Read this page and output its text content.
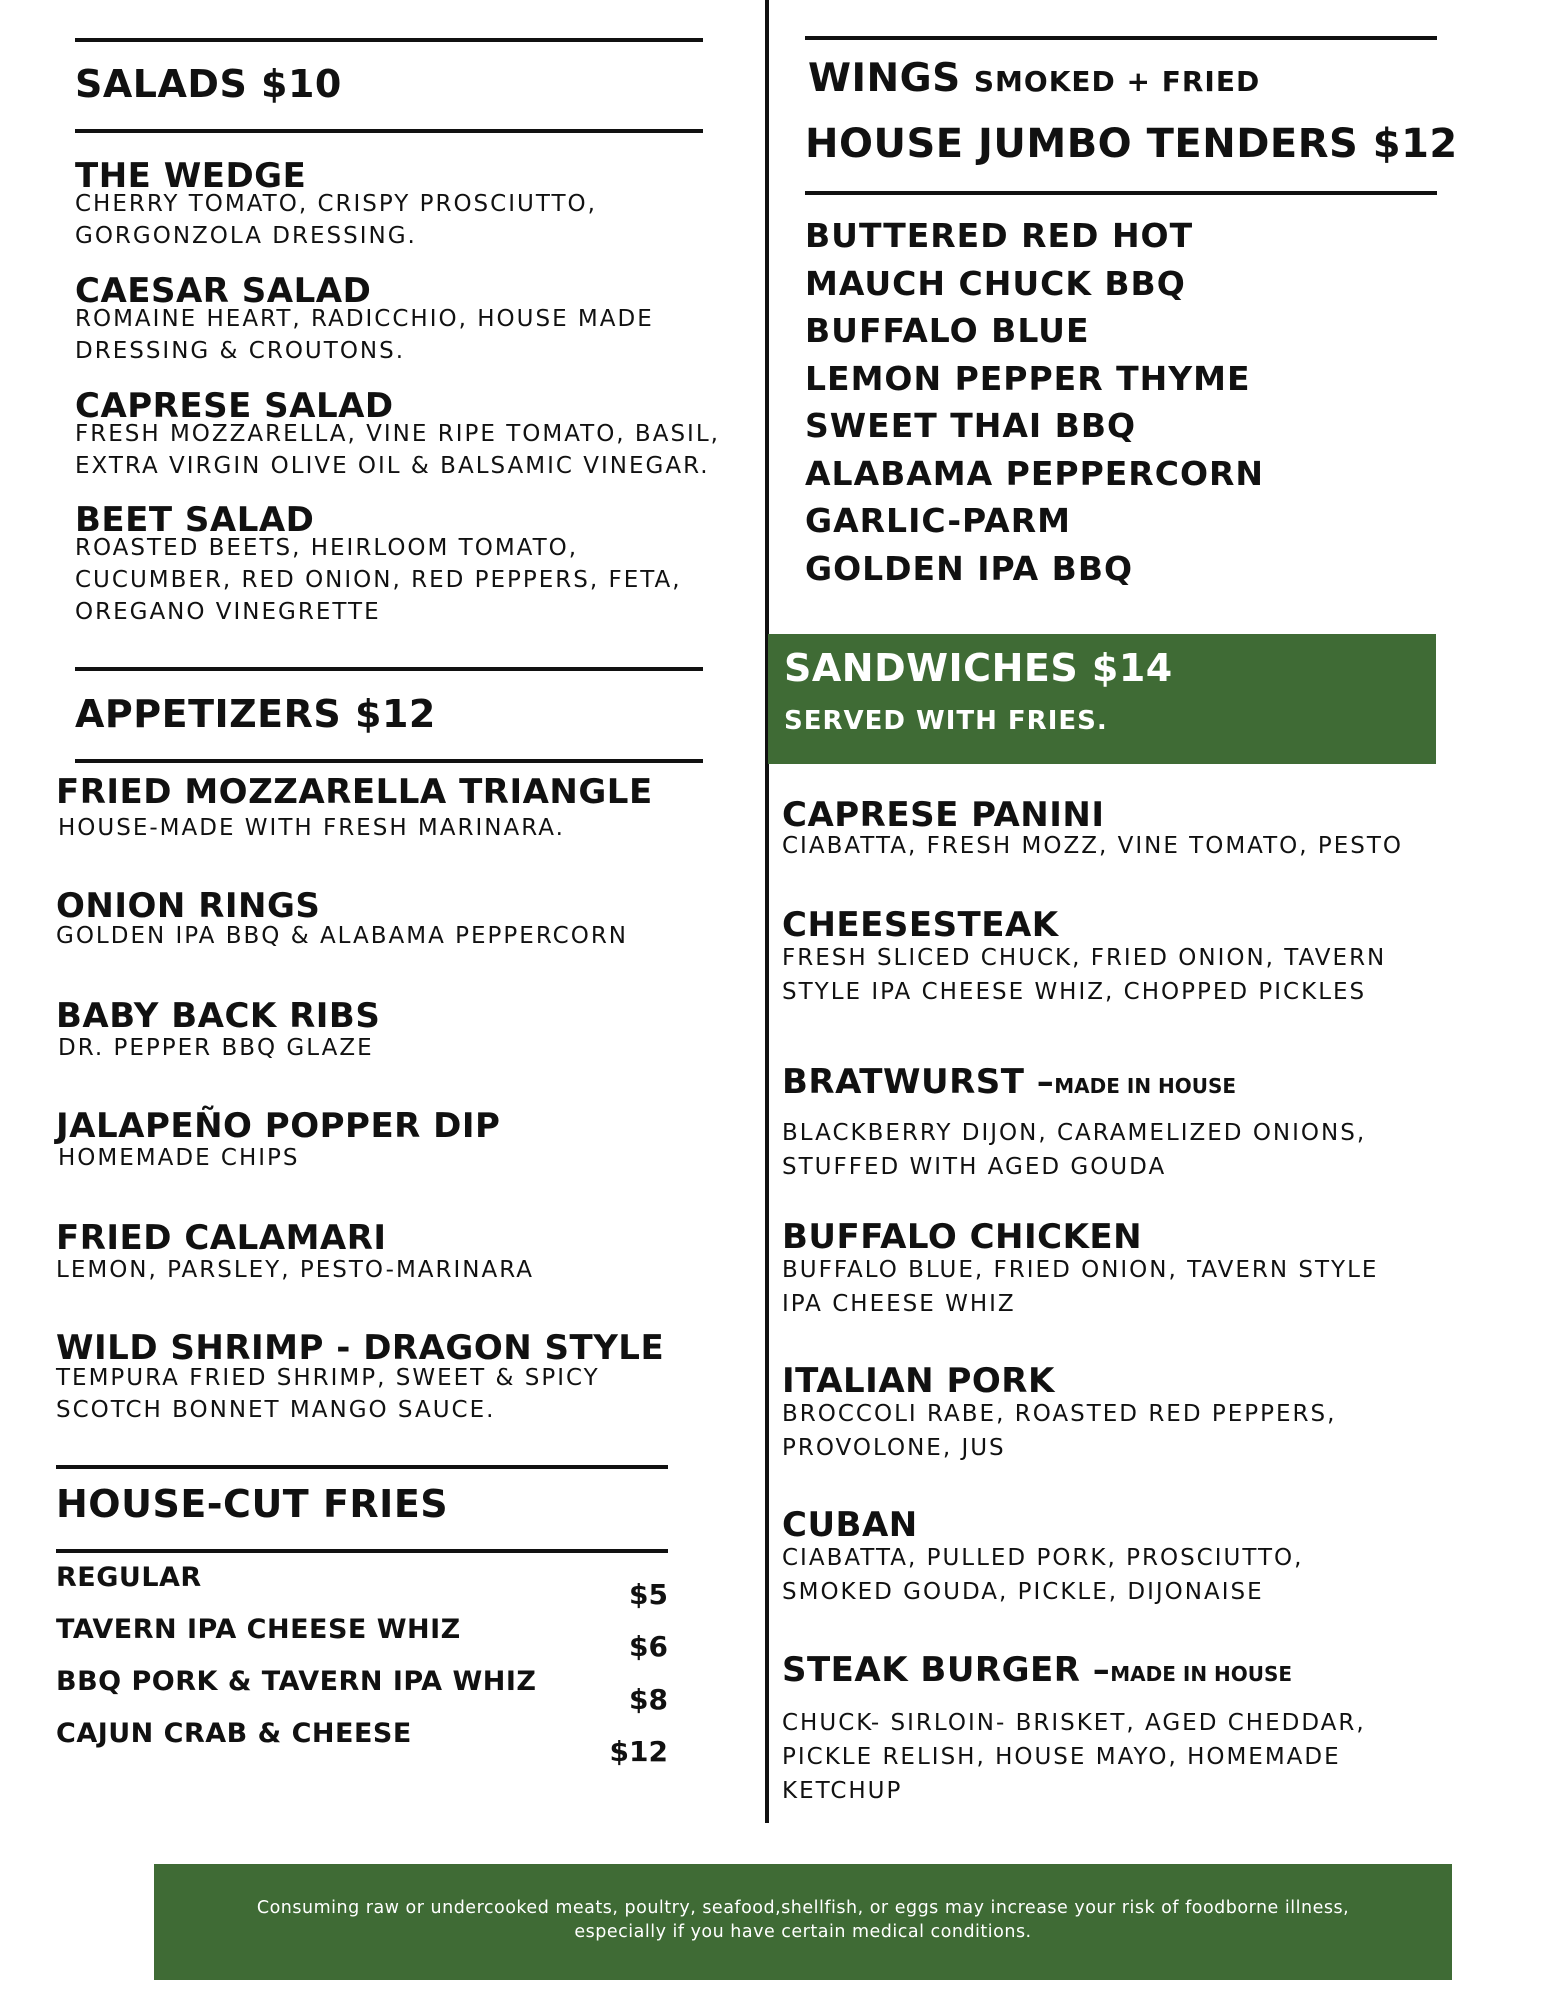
SALADS $10
THE WEDGE
CHERRY TOMATO, CRISPY PROSCIUTTO,
GORGONZOLA DRESSING.
CAESAR SALAD
ROMAINE HEART, RADICCHIO, HOUSE MADE
DRESSING & CROUTONS.
CAPRESE SALAD
FRESH MOZZARELLA, VINE RIPE TOMATO, BASIL,
EXTRA VIRGIN OLIVE OIL & BALSAMIC VINEGAR.
BEET SALAD
ROASTED BEETS, HEIRLOOM TOMATO,
CUCUMBER, RED ONION, RED PEPPERS, FETA,
OREGANO VINEGRETTE
APPETIZERS $12
FRIED MOZZARELLA TRIANGLE
HOUSE-MADE WITH FRESH MARINARA.
ONION RINGS
GOLDEN IPA BBQ & ALABAMA PEPPERCORN
BABY BACK RIBS
DR. PEPPER BBQ GLAZE
JALAPEÑO POPPER DIP
HOMEMADE CHIPS
FRIED CALAMARI
LEMON, PARSLEY, PESTO-MARINARA
WILD SHRIMP - DRAGON STYLE
TEMPURA FRIED SHRIMP, SWEET & SPICY
SCOTCH BONNET MANGO SAUCE.
HOUSE-CUT FRIES
REGULAR
TAVERN IPA CHEESE WHIZ
BBQ PORK & TAVERN IPA WHIZ
CAJUN CRAB & CHEESE
$5
$6
$8
$12
WINGS SMOKED + FRIED
HOUSE JUMBO TENDERS $12
BUTTERED RED HOT
MAUCH CHUCK BBQ
BUFFALO BLUE
LEMON PEPPER THYME
SWEET THAI BBQ
ALABAMA PEPPERCORN
GARLIC-PARM
GOLDEN IPA BBQ
SANDWICHES $14
SERVED WITH FRIES.
CAPRESE PANINI
CIABATTA, FRESH MOZZ, VINE TOMATO, PESTO
CHEESESTEAK
FRESH SLICED CHUCK, FRIED ONION, TAVERN
STYLE IPA CHEESE WHIZ, CHOPPED PICKLES
BRATWURST –MADE IN HOUSE
BLACKBERRY DIJON, CARAMELIZED ONIONS,
STUFFED WITH AGED GOUDA
BUFFALO CHICKEN
BUFFALO BLUE, FRIED ONION, TAVERN STYLE
IPA CHEESE WHIZ
ITALIAN PORK
BROCCOLI RABE, ROASTED RED PEPPERS,
PROVOLONE, JUS
CUBAN
CIABATTA, PULLED PORK, PROSCIUTTO,
SMOKED GOUDA, PICKLE, DIJONAISE
STEAK BURGER –MADE IN HOUSE
CHUCK- SIRLOIN- BRISKET, AGED CHEDDAR,
PICKLE RELISH, HOUSE MAYO, HOMEMADE
KETCHUP
Consuming raw or undercooked meats, poultry, seafood,shellfish, or eggs may increase your risk of foodborne illness,
especially if you have certain medical conditions.
